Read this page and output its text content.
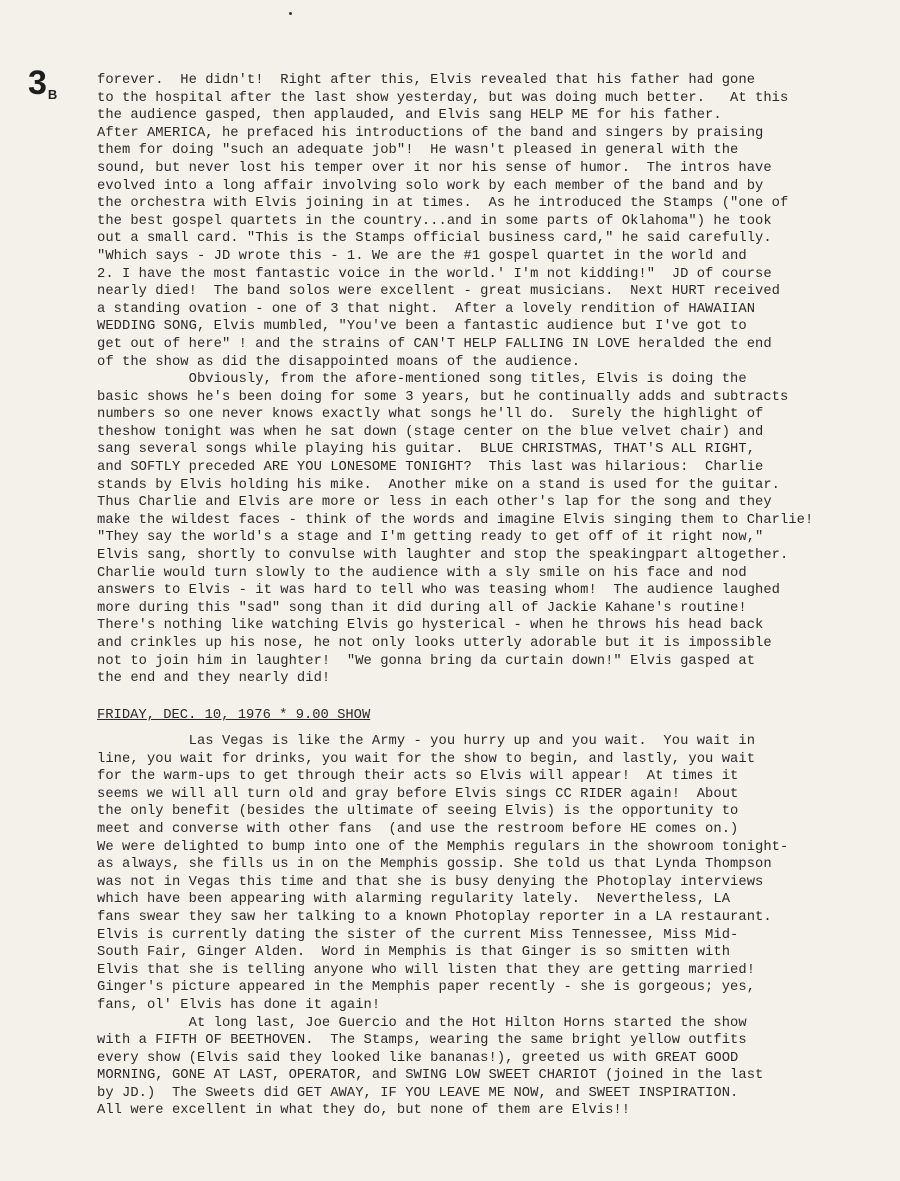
3B
forever.  He didn't!  Right after this, Elvis revealed that his father had gone
to the hospital after the last show yesterday, but was doing much better.   At this
the audience gasped, then applauded, and Elvis sang HELP ME for his father.
After AMERICA, he prefaced his introductions of the band and singers by praising
them for doing "such an adequate job"!  He wasn't pleased in general with the
sound, but never lost his temper over it nor his sense of humor.  The intros have
evolved into a long affair involving solo work by each member of the band and by
the orchestra with Elvis joining in at times.  As he introduced the Stamps ("one of
the best gospel quartets in the country...and in some parts of Oklahoma") he took
out a small card. "This is the Stamps official business card," he said carefully.
"Which says - JD wrote this - 1. We are the #1 gospel quartet in the world and
2. I have the most fantastic voice in the world.' I'm not kidding!"  JD of course
nearly died!  The band solos were excellent - great musicians.  Next HURT received
a standing ovation - one of 3 that night.  After a lovely rendition of HAWAIIAN
WEDDING SONG, Elvis mumbled, "You've been a fantastic audience but I've got to
get out of here" ! and the strains of CAN'T HELP FALLING IN LOVE heralded the end
of the show as did the disappointed moans of the audience.
Obviously, from the afore-mentioned song titles, Elvis is doing the
basic shows he's been doing for some 3 years, but he continually adds and subtracts
numbers so one never knows exactly what songs he'll do.  Surely the highlight of
theshow tonight was when he sat down (stage center on the blue velvet chair) and
sang several songs while playing his guitar.  BLUE CHRISTMAS, THAT'S ALL RIGHT,
and SOFTLY preceded ARE YOU LONESOME TONIGHT?  This last was hilarious:  Charlie
stands by Elvis holding his mike.  Another mike on a stand is used for the guitar.
Thus Charlie and Elvis are more or less in each other's lap for the song and they
make the wildest faces - think of the words and imagine Elvis singing them to Charlie!
"They say the world's a stage and I'm getting ready to get off of it right now,"
Elvis sang, shortly to convulse with laughter and stop the speakingpart altogether.
Charlie would turn slowly to the audience with a sly smile on his face and nod
answers to Elvis - it was hard to tell who was teasing whom!  The audience laughed
more during this "sad" song than it did during all of Jackie Kahane's routine!
There's nothing like watching Elvis go hysterical - when he throws his head back
and crinkles up his nose, he not only looks utterly adorable but it is impossible
not to join him in laughter!  "We gonna bring da curtain down!" Elvis gasped at
the end and they nearly did!
FRIDAY, DEC. 10, 1976 * 9.00 SHOW
Las Vegas is like the Army - you hurry up and you wait.  You wait in
line, you wait for drinks, you wait for the show to begin, and lastly, you wait
for the warm-ups to get through their acts so Elvis will appear!  At times it
seems we will all turn old and gray before Elvis sings CC RIDER again!  About
the only benefit (besides the ultimate of seeing Elvis) is the opportunity to
meet and converse with other fans  (and use the restroom before HE comes on.)
We were delighted to bump into one of the Memphis regulars in the showroom tonight-
as always, she fills us in on the Memphis gossip. She told us that Lynda Thompson
was not in Vegas this time and that she is busy denying the Photoplay interviews
which have been appearing with alarming regularity lately.  Nevertheless, LA
fans swear they saw her talking to a known Photoplay reporter in a LA restaurant.
Elvis is currently dating the sister of the current Miss Tennessee, Miss Mid-
South Fair, Ginger Alden.  Word in Memphis is that Ginger is so smitten with
Elvis that she is telling anyone who will listen that they are getting married!
Ginger's picture appeared in the Memphis paper recently - she is gorgeous; yes,
fans, ol' Elvis has done it again!
At long last, Joe Guercio and the Hot Hilton Horns started the show
with a FIFTH OF BEETHOVEN.  The Stamps, wearing the same bright yellow outfits
every show (Elvis said they looked like bananas!), greeted us with GREAT GOOD
MORNING, GONE AT LAST, OPERATOR, and SWING LOW SWEET CHARIOT (joined in the last
by JD.)  The Sweets did GET AWAY, IF YOU LEAVE ME NOW, and SWEET INSPIRATION.
All were excellent in what they do, but none of them are Elvis!!
